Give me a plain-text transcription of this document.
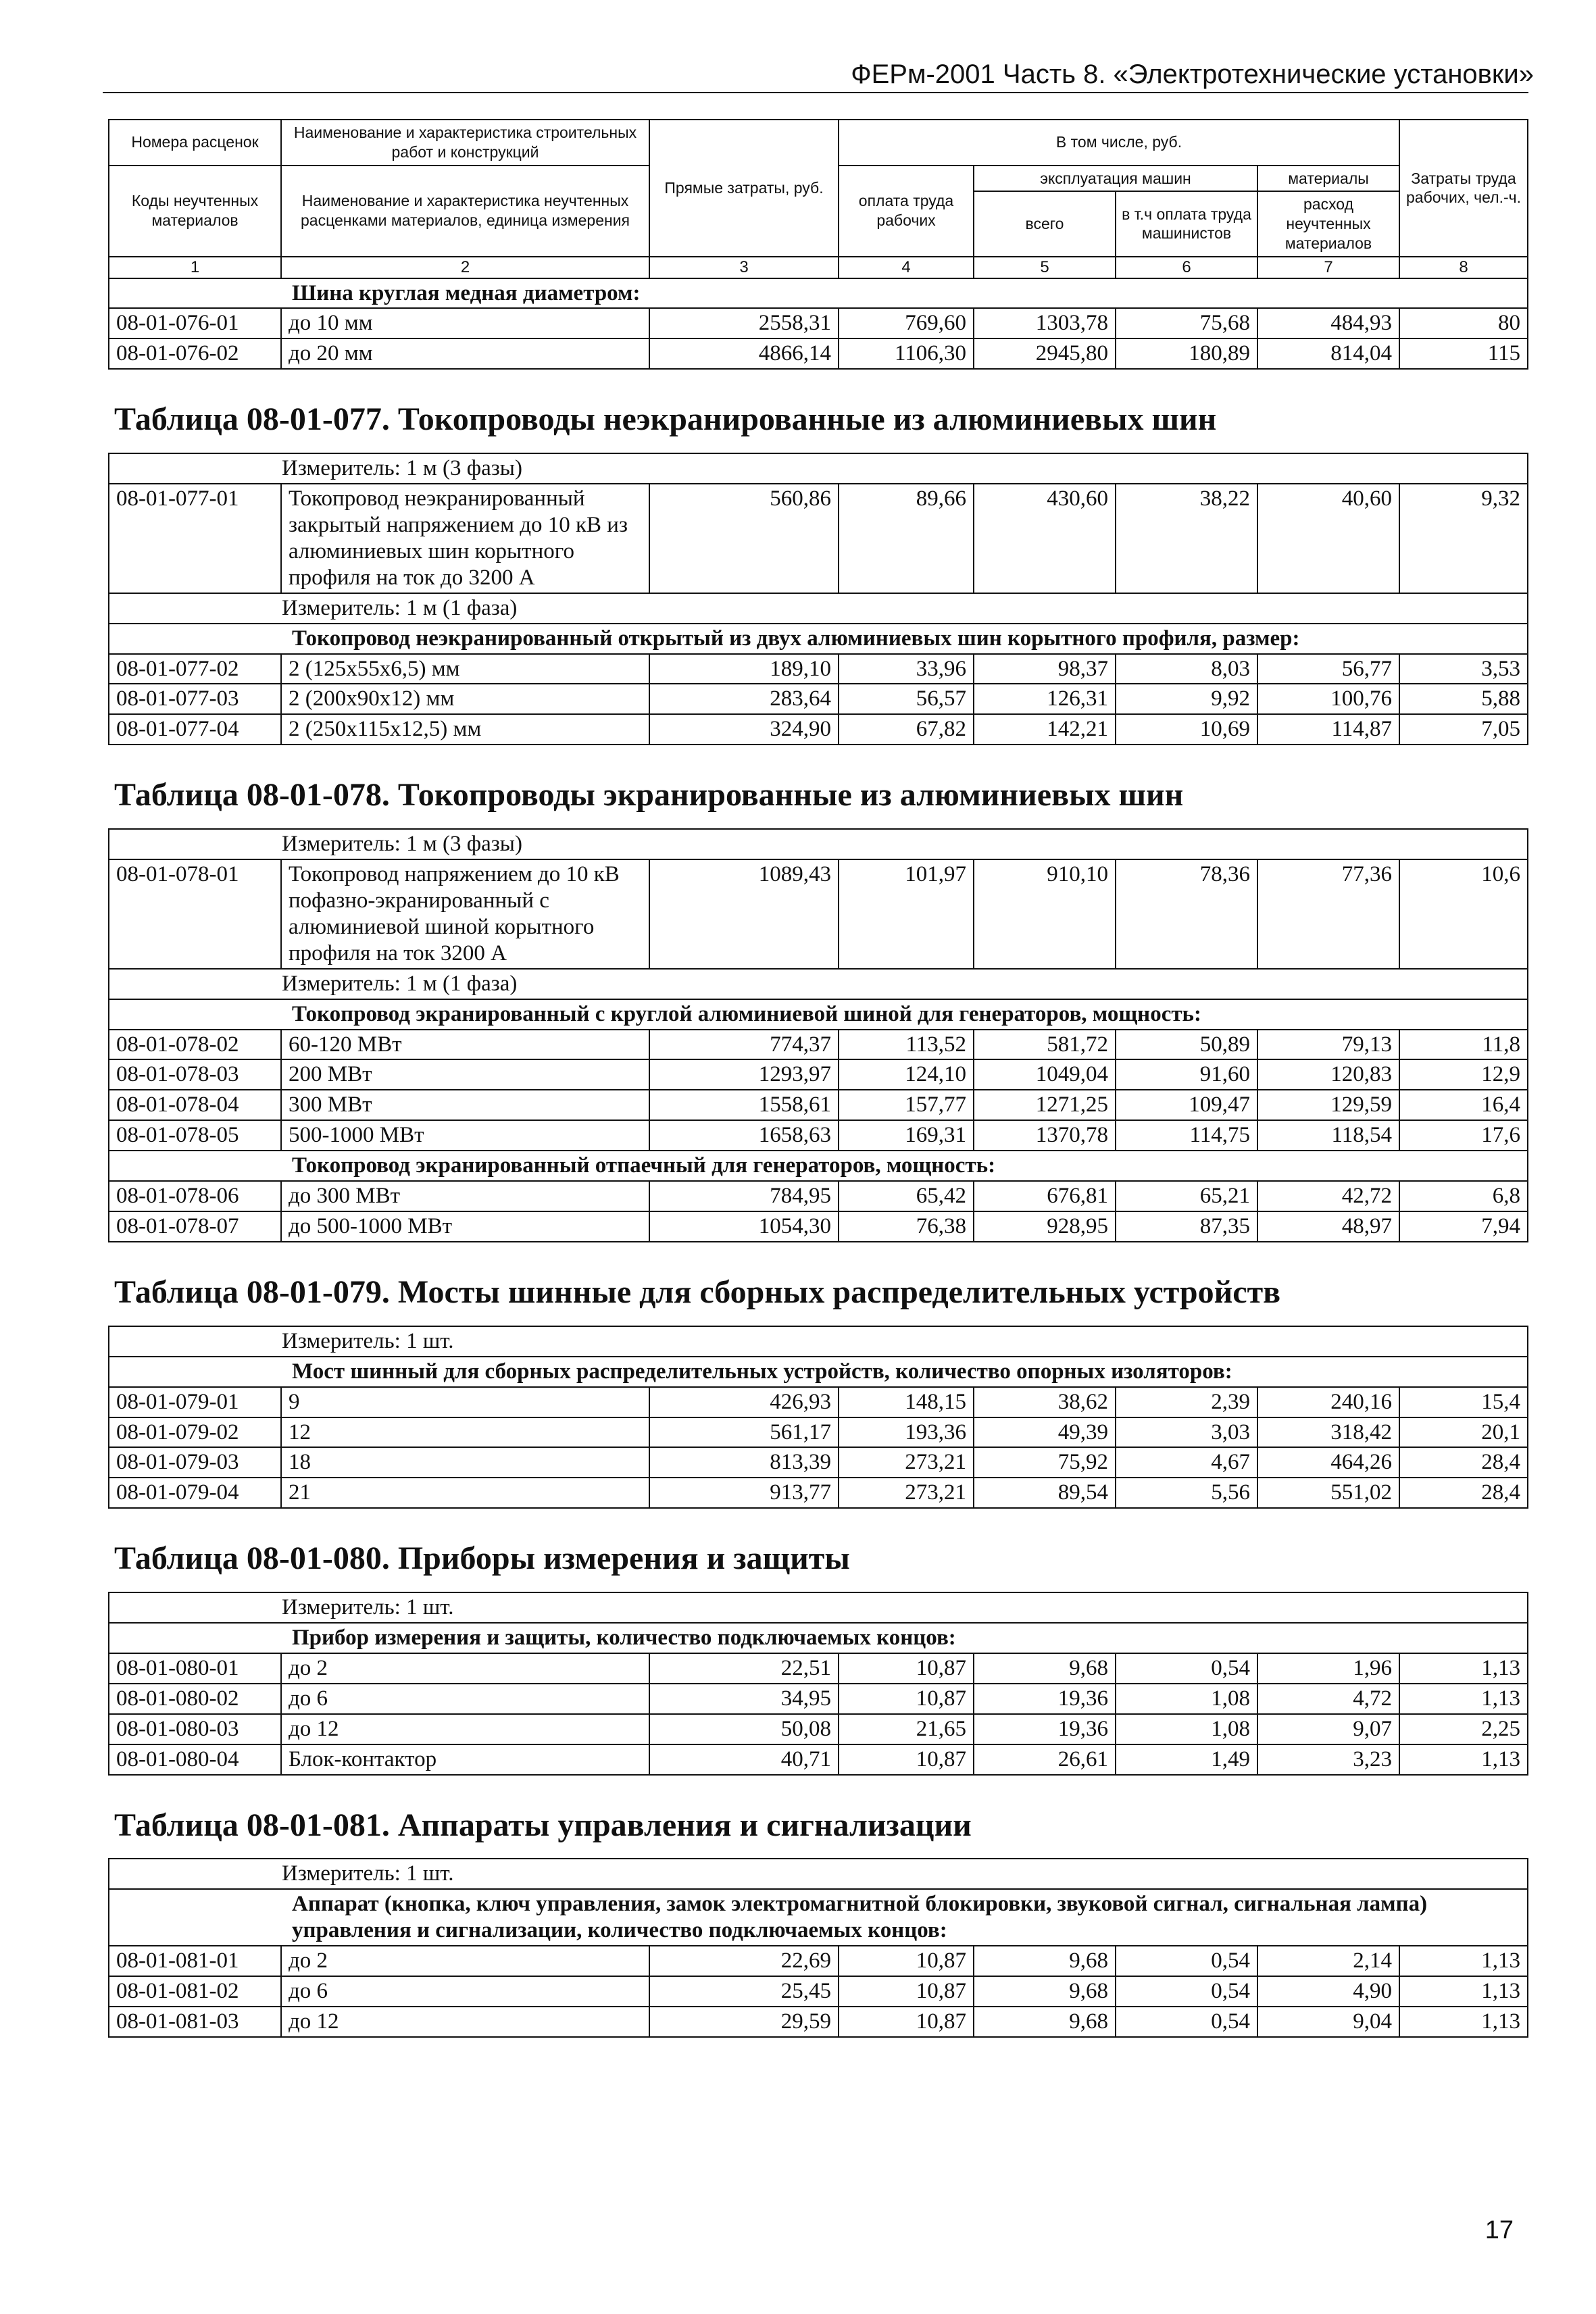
ФЕРм-2001 Часть 8. «Электротехнические установки»
Номера расценок	Наименование и характеристика строительных работ и конструкций	Прямые затраты, руб.	В том числе, руб.				Затраты труда рабочих, чел.-ч.
Коды неучтенных материалов	Наименование и характеристика неучтенных расценками материалов, единица измерения		оплата труда рабочих	эксплуатация машин		материалы	
				всего	в т.ч оплата труда машинистов	расход неучтенных материалов	
1	2	3	4	5	6	7	8
Шина круглая медная диаметром:							
08-01-076-01	до 10 мм	2558,31	769,60	1303,78	75,68	484,93	80
08-01-076-02	до 20 мм	4866,14	1106,30	2945,80	180,89	814,04	115
Таблица 08-01-077. Токопроводы неэкранированные из алюминиевых шин							
Измеритель: 1 м (3 фазы)							
08-01-077-01	Токопровод неэкранированный закрытый напряжением до 10 кВ из алюминиевых шин корытного профиля на ток до 3200 А	560,86	89,66	430,60	38,22	40,60	9,32
Измеритель: 1 м (1 фаза)							
Токопровод неэкранированный открытый из двух алюминиевых шин корытного профиля, размер:							
08-01-077-02	2 (125х55х6,5) мм	189,10	33,96	98,37	8,03	56,77	3,53
08-01-077-03	2 (200х90х12) мм	283,64	56,57	126,31	9,92	100,76	5,88
08-01-077-04	2 (250х115х12,5) мм	324,90	67,82	142,21	10,69	114,87	7,05
Таблица 08-01-078. Токопроводы экранированные из алюминиевых шин							
Измеритель: 1 м (3 фазы)							
08-01-078-01	Токопровод напряжением до 10 кВ пофазно-экранированный с алюминиевой шиной корытного профиля на ток 3200 А	1089,43	101,97	910,10	78,36	77,36	10,6
Измеритель: 1 м (1 фаза)							
Токопровод экранированный с круглой алюминиевой шиной для генераторов, мощность:							
08-01-078-02	60-120 МВт	774,37	113,52	581,72	50,89	79,13	11,8
08-01-078-03	200 МВт	1293,97	124,10	1049,04	91,60	120,83	12,9
08-01-078-04	300 МВт	1558,61	157,77	1271,25	109,47	129,59	16,4
08-01-078-05	500-1000 МВт	1658,63	169,31	1370,78	114,75	118,54	17,6
Токопровод экранированный отпаечный для генераторов, мощность:							
08-01-078-06	до 300 МВт	784,95	65,42	676,81	65,21	42,72	6,8
08-01-078-07	до 500-1000 МВт	1054,30	76,38	928,95	87,35	48,97	7,94
Таблица 08-01-079. Мосты шинные для сборных распределительных устройств							
Измеритель: 1 шт.							
Мост шинный для сборных распределительных устройств, количество опорных изоляторов:							
08-01-079-01	9	426,93	148,15	38,62	2,39	240,16	15,4
08-01-079-02	12	561,17	193,36	49,39	3,03	318,42	20,1
08-01-079-03	18	813,39	273,21	75,92	4,67	464,26	28,4
08-01-079-04	21	913,77	273,21	89,54	5,56	551,02	28,4
Таблица 08-01-080. Приборы измерения и защиты							
Измеритель: 1 шт.							
Прибор измерения и защиты, количество подключаемых концов:							
08-01-080-01	до 2	22,51	10,87	9,68	0,54	1,96	1,13
08-01-080-02	до 6	34,95	10,87	19,36	1,08	4,72	1,13
08-01-080-03	до 12	50,08	21,65	19,36	1,08	9,07	2,25
08-01-080-04	Блок-контактор	40,71	10,87	26,61	1,49	3,23	1,13
Таблица 08-01-081. Аппараты управления и сигнализации							
Измеритель: 1 шт.							
Аппарат (кнопка, ключ управления, замок электромагнитной блокировки, звуковой сигнал, сигнальная лампа) управления и сигнализации, количество подключаемых концов:							
08-01-081-01	до 2	22,69	10,87	9,68	0,54	2,14	1,13
08-01-081-02	до 6	25,45	10,87	9,68	0,54	4,90	1,13
08-01-081-03	до 12	29,59	10,87	9,68	0,54	9,04	1,13
17
